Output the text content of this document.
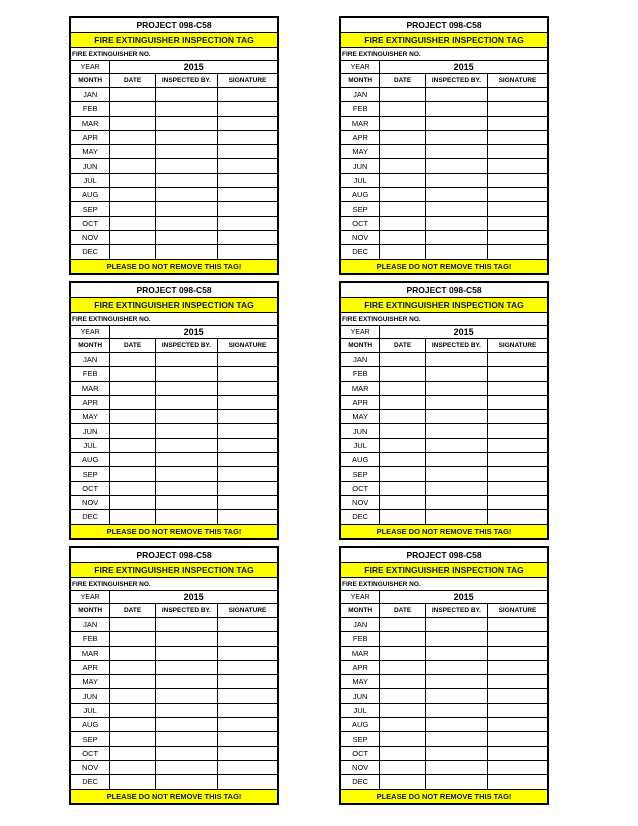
PROJECT 098-C58			
FIRE EXTINGUISHER INSPECTION TAG			
FIRE EXTINGUISHER NO.			
YEAR	2015		
MONTH	DATE	INSPECTED BY.	SIGNATURE
JAN			
FEB			
MAR			
APR			
MAY			
JUN			
JUL			
AUG			
SEP			
OCT			
NOV			
DEC			
PLEASE DO NOT REMOVE THIS TAG!			
PROJECT 098-C58			
FIRE EXTINGUISHER INSPECTION TAG			
FIRE EXTINGUISHER NO.			
YEAR	2015		
MONTH	DATE	INSPECTED BY.	SIGNATURE
JAN			
FEB			
MAR			
APR			
MAY			
JUN			
JUL			
AUG			
SEP			
OCT			
NOV			
DEC			
PLEASE DO NOT REMOVE THIS TAG!			
PROJECT 098-C58			
FIRE EXTINGUISHER INSPECTION TAG			
FIRE EXTINGUISHER NO.			
YEAR	2015		
MONTH	DATE	INSPECTED BY.	SIGNATURE
JAN			
FEB			
MAR			
APR			
MAY			
JUN			
JUL			
AUG			
SEP			
OCT			
NOV			
DEC			
PLEASE DO NOT REMOVE THIS TAG!			
PROJECT 098-C58			
FIRE EXTINGUISHER INSPECTION TAG			
FIRE EXTINGUISHER NO.			
YEAR	2015		
MONTH	DATE	INSPECTED BY.	SIGNATURE
JAN			
FEB			
MAR			
APR			
MAY			
JUN			
JUL			
AUG			
SEP			
OCT			
NOV			
DEC			
PLEASE DO NOT REMOVE THIS TAG!			
PROJECT 098-C58			
FIRE EXTINGUISHER INSPECTION TAG			
FIRE EXTINGUISHER NO.			
YEAR	2015		
MONTH	DATE	INSPECTED BY.	SIGNATURE
JAN			
FEB			
MAR			
APR			
MAY			
JUN			
JUL			
AUG			
SEP			
OCT			
NOV			
DEC			
PLEASE DO NOT REMOVE THIS TAG!			
PROJECT 098-C58			
FIRE EXTINGUISHER INSPECTION TAG			
FIRE EXTINGUISHER NO.			
YEAR	2015		
MONTH	DATE	INSPECTED BY.	SIGNATURE
JAN			
FEB			
MAR			
APR			
MAY			
JUN			
JUL			
AUG			
SEP			
OCT			
NOV			
DEC			
PLEASE DO NOT REMOVE THIS TAG!			
